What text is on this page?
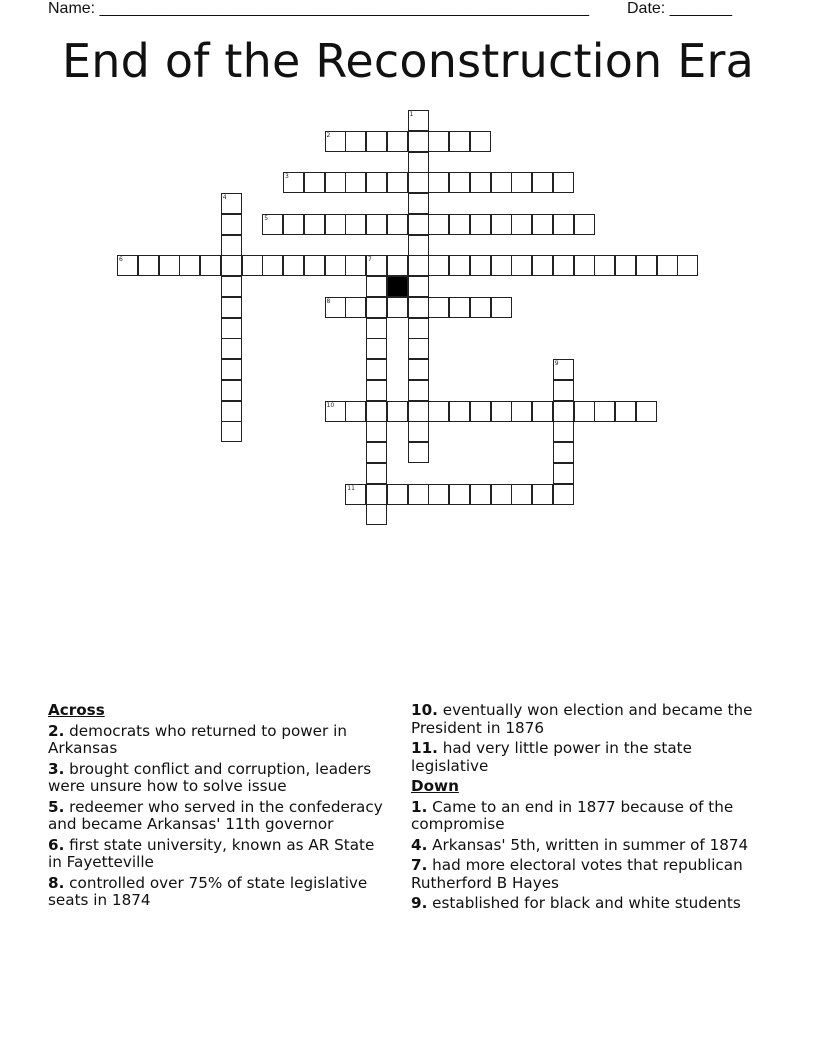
Name: _______________________________________________________ Date: _______
End of the Reconstruction Era
1
2
3
4
5
6	7
8
9
10
11
Across
2. democrats who returned to power in Arkansas
3. brought conflict and corruption, leaders were unsure how to solve issue
5. redeemer who served in the confederacy and became Arkansas' 11th governor
6. first state university, known as AR State in Fayetteville
8. controlled over 75% of state legislative seats in 1874
10. eventually won election and became the President in 1876
11. had very little power in the state legislative
Down
1. Came to an end in 1877 because of the compromise
4. Arkansas' 5th, written in summer of 1874
7. had more electoral votes that republican Rutherford B Hayes
9. established for black and white students
